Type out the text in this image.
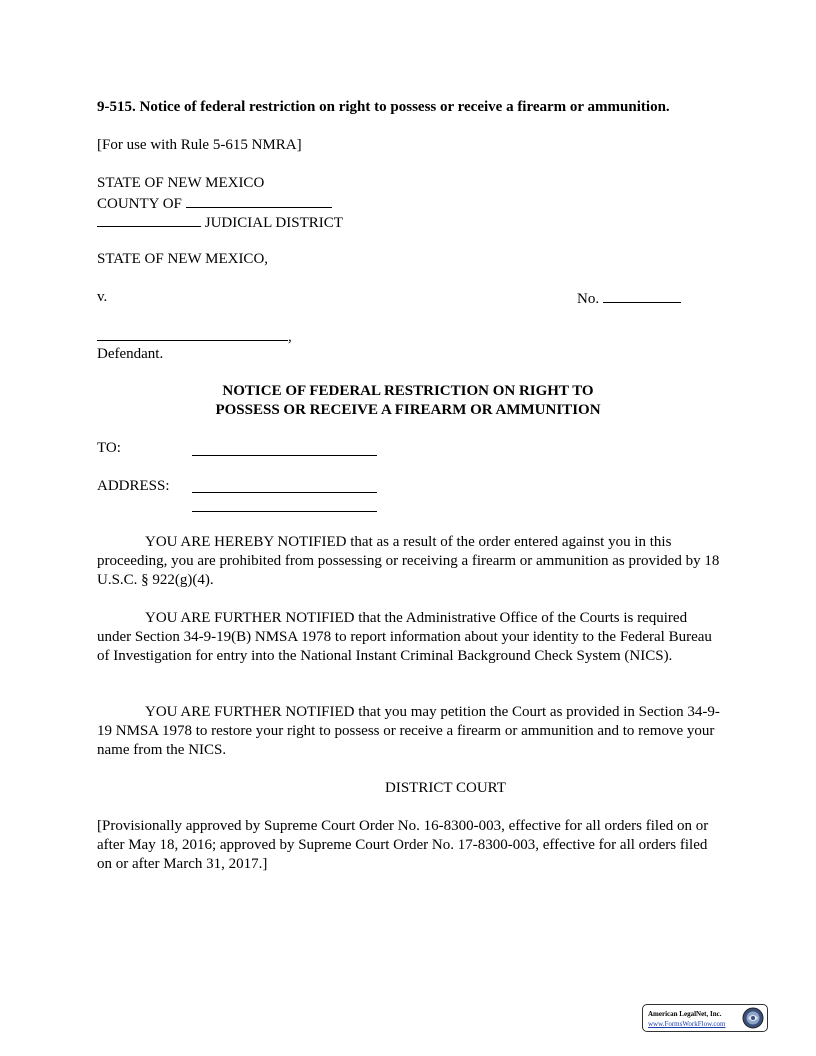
9-515. Notice of federal restriction on right to possess or receive a firearm or ammunition.
[For use with Rule 5-615 NMRA]
STATE OF NEW MEXICO
COUNTY OF
JUDICIAL DISTRICT
STATE OF NEW MEXICO,
v.	No.
,
Defendant.
NOTICE OF FEDERAL RESTRICTION ON RIGHT TO
POSSESS OR RECEIVE A FIREARM OR AMMUNITION
TO:
ADDRESS:

YOU ARE HEREBY NOTIFIED that as a result of the order entered against you in this proceeding, you are prohibited from possessing or receiving a firearm or ammunition as provided by 18 U.S.C. § 922(g)(4).

YOU ARE FURTHER NOTIFIED that the Administrative Office of the Courts is required under Section 34-9-19(B) NMSA 1978 to report information about your identity to the Federal Bureau of Investigation for entry into the National Instant Criminal Background Check System (NICS).

YOU ARE FURTHER NOTIFIED that you may petition the Court as provided in Section 34-9-19 NMSA 1978 to restore your right to possess or receive a firearm or ammunition and to remove your name from the NICS.

DISTRICT COURT

[Provisionally approved by Supreme Court Order No. 16-8300-003, effective for all orders filed on or after May 18, 2016; approved by Supreme Court Order No. 17-8300-003, effective for all orders filed on or after March 31, 2017.]

American LegalNet, Inc.
www.FormsWorkFlow.com
